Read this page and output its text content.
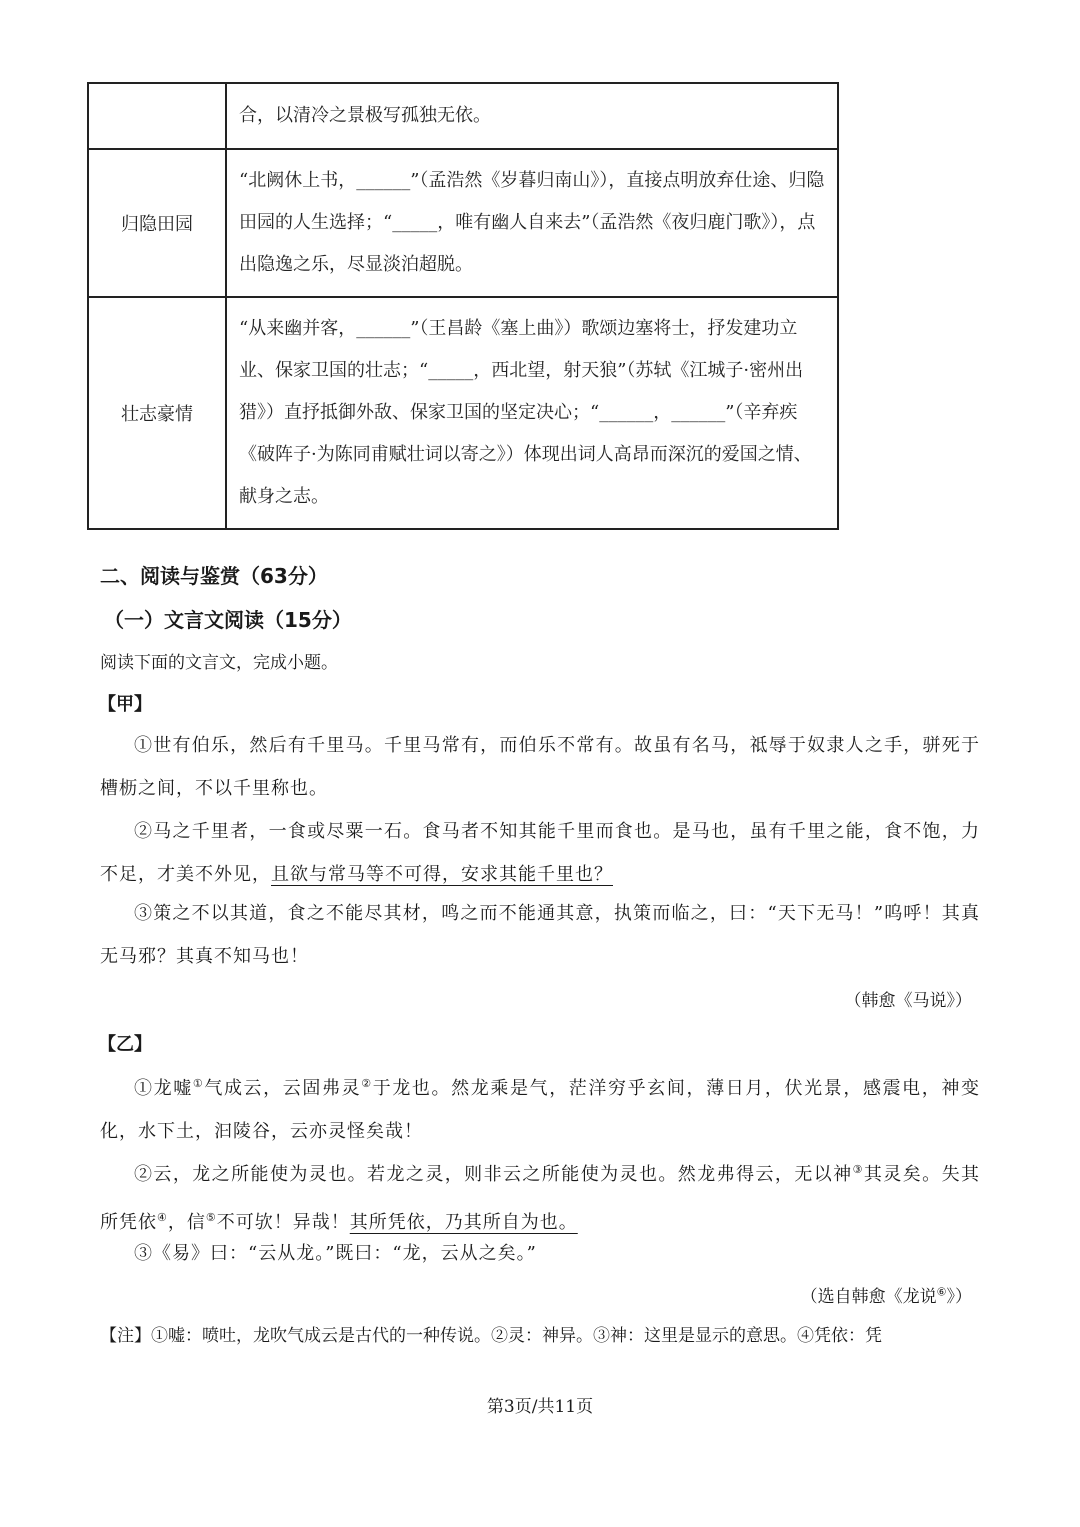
	合，以清冷之景极写孤独无依。
归隐田园	“北阙休上书，______”（孟浩然《岁暮归南山》），直接点明放弃仕途、归隐田园的人生选择；“_____，唯有幽人自来去”（孟浩然《夜归鹿门歌》），点出隐逸之乐，尽显淡泊超脱。
壮志豪情	“从来幽并客，______”（王昌龄《塞上曲》）歌颂边塞将士，抒发建功立业、保家卫国的壮志；“_____，西北望，射天狼”（苏轼《江城子·密州出猎》）直抒抵御外敌、保家卫国的坚定决心；“______，______”（辛弃疾《破阵子·为陈同甫赋壮词以寄之》）体现出词人高昂而深沉的爱国之情、献身之志。
二、阅读与鉴赏（63分）
（一）文言文阅读（15分）
阅读下面的文言文，完成小题。
【甲】
①世有伯乐，然后有千里马。千里马常有，而伯乐不常有。故虽有名马，祗辱于奴隶人之手，骈死于槽枥之间，不以千里称也。
②马之千里者，一食或尽粟一石。食马者不知其能千里而食也。是马也，虽有千里之能，食不饱，力不足，才美不外见，且欲与常马等不可得，安求其能千里也？
③策之不以其道，食之不能尽其材，鸣之而不能通其意，执策而临之，曰：“天下无马！”呜呼！其真无马邪？其真不知马也！
（韩愈《马说》）
【乙】
①龙嘘①气成云，云固弗灵②于龙也。然龙乘是气，茫洋穷乎玄间，薄日月，伏光景，感震电，神变化，水下土，汩陵谷，云亦灵怪矣哉！
②云，龙之所能使为灵也。若龙之灵，则非云之所能使为灵也。然龙弗得云，无以神③其灵矣。失其所凭依④，信⑤不可欤！异哉！其所凭依，乃其所自为也。
③《易》曰：“云从龙。”既曰：“龙，云从之矣。”
（选自韩愈《龙说⑥》）
【注】①嘘：喷吐，龙吹气成云是古代的一种传说。②灵：神异。③神：这里是显示的意思。④凭依：凭
第3页/共11页
